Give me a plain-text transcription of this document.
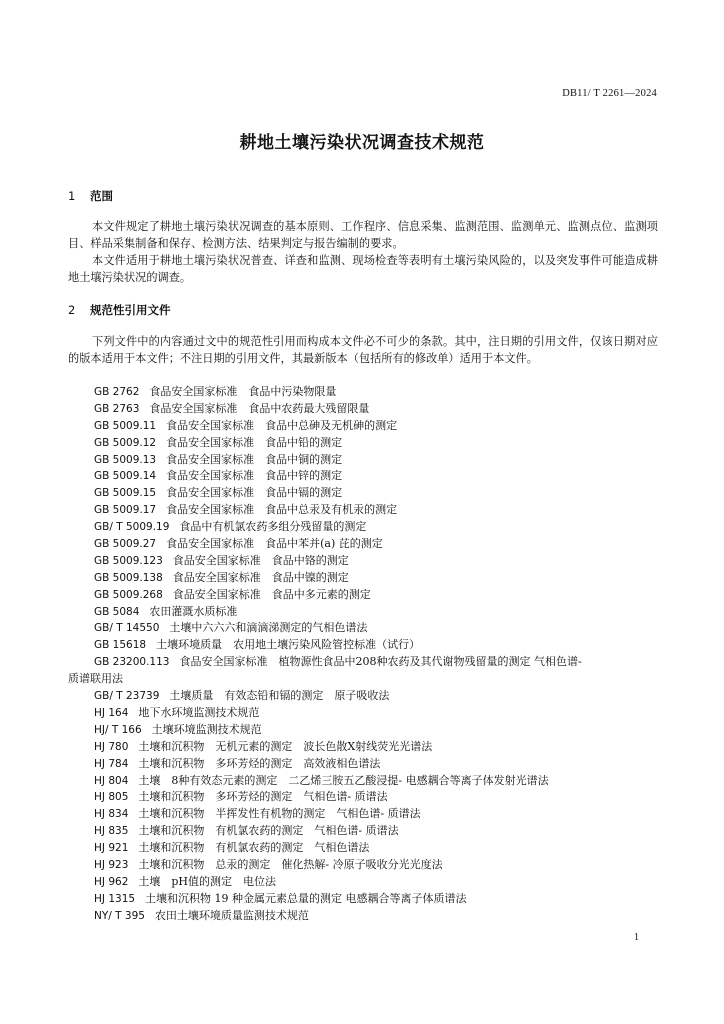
DB11/ T 2261—2024
耕地土壤污染状况调查技术规范
1 范围
本文件规定了耕地土壤污染状况调查的基本原则、工作程序、信息采集、监测范围、监测单元、监测点位、监测项目、样品采集制备和保存、检测方法、结果判定与报告编制的要求。
本文件适用于耕地土壤污染状况普查、详查和监测、现场检查等表明有土壤污染风险的，以及突发事件可能造成耕地土壤污染状况的调查。
2 规范性引用文件
下列文件中的内容通过文中的规范性引用而构成本文件必不可少的条款。其中，注日期的引用文件，仅该日期对应的版本适用于本文件；不注日期的引用文件，其最新版本（包括所有的修改单）适用于本文件。
GB 2762 食品安全国家标准　食品中污染物限量
GB 2763 食品安全国家标准　食品中农药最大残留限量
GB 5009.11 食品安全国家标准　食品中总砷及无机砷的测定
GB 5009.12 食品安全国家标准　食品中铅的测定
GB 5009.13 食品安全国家标准　食品中铜的测定
GB 5009.14 食品安全国家标准　食品中锌的测定
GB 5009.15 食品安全国家标准　食品中镉的测定
GB 5009.17 食品安全国家标准　食品中总汞及有机汞的测定
GB/ T 5009.19 食品中有机氯农药多组分残留量的测定
GB 5009.27 食品安全国家标准　食品中苯并(a) 芘的测定
GB 5009.123 食品安全国家标准　食品中铬的测定
GB 5009.138 食品安全国家标准　食品中镍的测定
GB 5009.268 食品安全国家标准　食品中多元素的测定
GB 5084 农田灌溉水质标准
GB/ T 14550 土壤中六六六和滴滴涕测定的气相色谱法
GB 15618 土壤环境质量　农用地土壤污染风险管控标准（试行）
GB 23200.113 食品安全国家标准　植物源性食品中208种农药及其代谢物残留量的测定 气相色谱-
质谱联用法
GB/ T 23739 土壤质量　有效态铅和镉的测定　原子吸收法
HJ 164 地下水环境监测技术规范
HJ/ T 166 土壤环境监测技术规范
HJ 780 土壤和沉积物　无机元素的测定　波长色散X射线荧光光谱法
HJ 784 土壤和沉积物　多环芳烃的测定　高效液相色谱法
HJ 804 土壤　8种有效态元素的测定　二乙烯三胺五乙酸浸提- 电感耦合等离子体发射光谱法
HJ 805 土壤和沉积物　多环芳烃的测定　气相色谱- 质谱法
HJ 834 土壤和沉积物　半挥发性有机物的测定　气相色谱- 质谱法
HJ 835 土壤和沉积物　有机氯农药的测定　气相色谱- 质谱法
HJ 921 土壤和沉积物　有机氯农药的测定　气相色谱法
HJ 923 土壤和沉积物　总汞的测定　催化热解- 冷原子吸收分光光度法
HJ 962 土壤　pH值的测定　电位法
HJ 1315 土壤和沉积物 19 种金属元素总量的测定 电感耦合等离子体质谱法
NY/ T 395 农田土壤环境质量监测技术规范
1
